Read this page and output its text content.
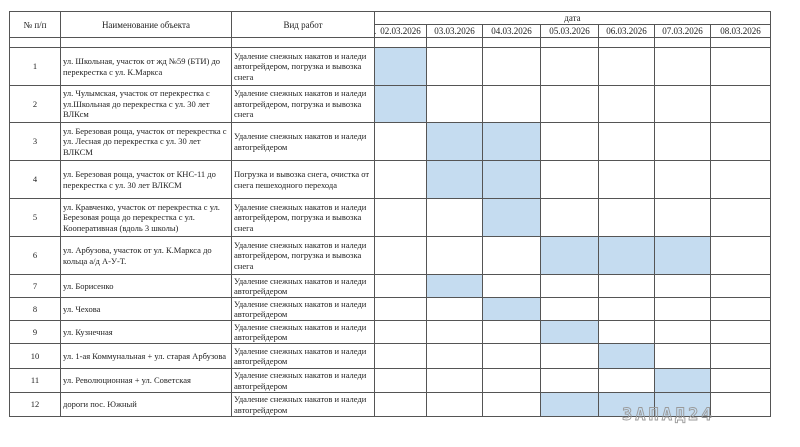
№ п/п	Наименование объекта	Вид работ	дата						

			. 02.03.2026	03.03.2026	04.03.2026	05.03.2026	06.03.2026	07.03.2026	08.03.2026

1	ул. Школьная, участок от жд №59 (БТИ) до перекрестка с ул. К.Маркса	Удаление снежных накатов и наледи автогрейдером, погрузка и вывозка снега							
2	ул. Чулымская, участок от перекрестка с ул.Школьная до перекрестка с ул. 30 лет ВЛКсм	Удаление снежных накатов и наледи автогрейдером, погрузка и вывозка снега							
3	ул. Березовая роща, участок от перекрестка с ул. Лесная до перекрестка с ул. 30 лет ВЛКСМ	Удаление снежных накатов и наледи автогрейдером							
4	ул. Березовая роща, участок от КНС-11 до перекрестка с ул. 30 лет ВЛКСМ	Погрузка и вывозка снега, очистка от снега пешеходного перехода							
5	ул. Кравченко, участок от перекрестка с ул. Березовая роща до перекрестка с ул. Кооперативная (вдоль 3 школы)	Удаление снежных накатов и наледи автогрейдером, погрузка и вывозка снега							
6	ул. Арбузова, участок от ул. К.Маркса до кольца а/д А-У-Т.	Удаление снежных накатов и наледи автогрейдером, погрузка и вывозка снега							
7	ул. Борисенко	Удаление снежных накатов и наледи автогрейдером							
8	ул. Чехова	Удаление снежных накатов и наледи автогрейдером							
9	ул. Кузнечная	Удаление снежных накатов и наледи автогрейдером							
10	ул. 1-ая Коммунальная + ул. старая Арбузова	Удаление снежных накатов и наледи автогрейдером							
11	ул. Революционная + ул. Советская	Удаление снежных накатов и наледи автогрейдером							
12	дороги пос. Южный	Удаление снежных накатов и наледи автогрейдером								ЗАПАД24
